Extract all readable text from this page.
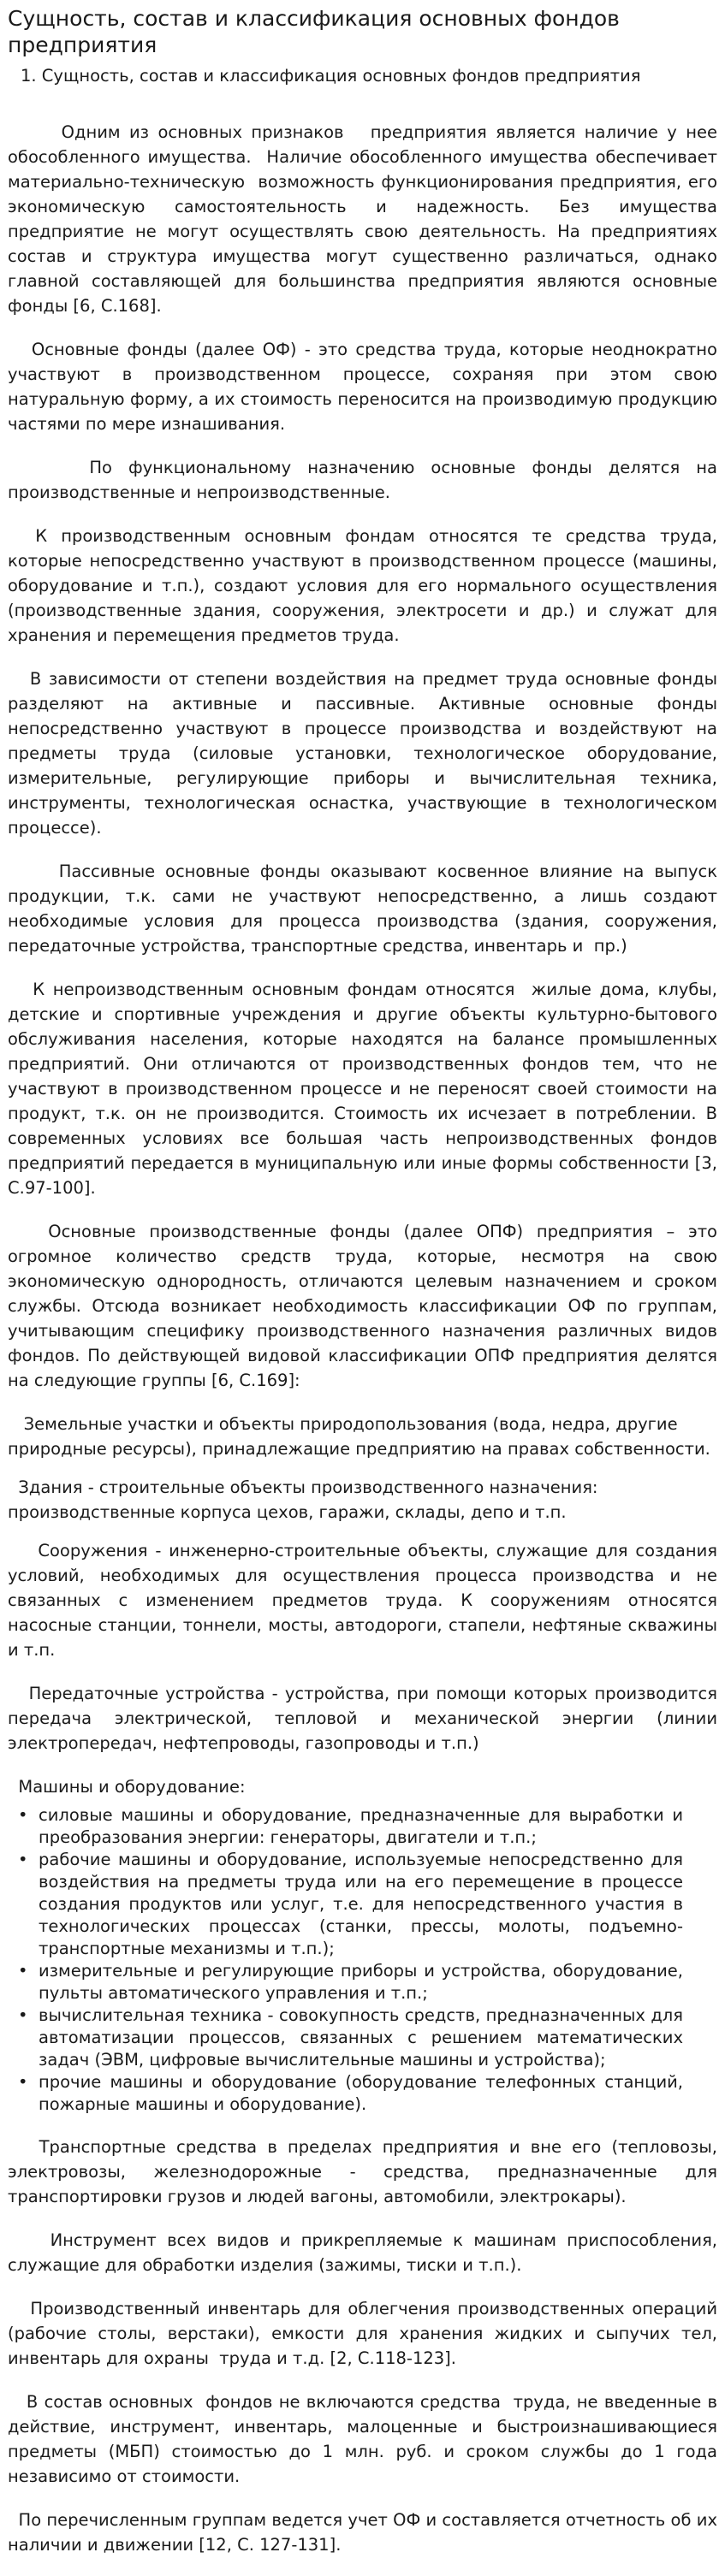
Сущность, состав и классификация основных фондов предприятия
1. Сущность, состав и классификация основных фондов предприятия

Одним из основных признаков   предприятия является наличие у нее обособленного имущества.  Наличие обособленного имущества обеспечивает материально-техническую  возможность функционирования предприятия, его экономическую самостоятельность и надежность. Без имущества предприятие не могут осуществлять свою деятельность. На предприятиях состав и структура имущества могут существенно различаться, однако главной составляющей для большинства предприятия являются основные фонды [6, С.168].

Основные фонды (далее ОФ) - это средства труда, которые неоднократно участвуют в производственном процессе, сохраняя при этом свою натуральную форму, а их стоимость переносится на производимую продукцию частями по мере изнашивания.

По функциональному назначению основные фонды делятся на производственные и непроизводственные.

К производственным основным фондам относятся те средства труда, которые непосредственно участвуют в производственном процессе (машины, оборудование и т.п.), создают условия для его нормального осуществления (производственные здания, сооружения, электросети и др.) и служат для хранения и перемещения предметов труда.

В зависимости от степени воздействия на предмет труда основные фонды разделяют на активные и пассивные. Активные основные фонды непосредственно участвуют в процессе производства и воздействуют на предметы труда (силовые установки, технологическое оборудование, измерительные, регулирующие приборы и вычислительная техника, инструменты, технологическая оснастка, участвующие в технологическом процессе).

Пассивные основные фонды оказывают косвенное влияние на выпуск продукции, т.к. сами не участвуют непосредственно, а лишь создают необходимые условия для процесса производства (здания, сооружения, передаточные устройства, транспортные средства, инвентарь и  пр.)

К непроизводственным основным фондам относятся  жилые дома, клубы, детские и спортивные учреждения и другие объекты культурно-бытового обслуживания населения, которые находятся на балансе промышленных предприятий. Они отличаются от производственных фондов тем, что не участвуют в производственном процессе и не переносят своей стоимости на продукт, т.к. он не производится. Стоимость их исчезает в потреблении. В современных условиях все большая часть непроизводственных фондов предприятий передается в муниципальную или иные формы собственности [3, С.97-100].

Основные производственные фонды (далее ОПФ) предприятия – это огромное количество средств труда, которые, несмотря на свою экономическую однородность, отличаются целевым назначением и сроком службы. Отсюда возникает необходимость классификации ОФ по группам, учитывающим специфику производственного назначения различных видов фондов. По действующей видовой классификации ОПФ предприятия делятся на следующие группы [6, С.169]:

Земельные участки и объекты природопользования (вода, недра, другие природные ресурсы), принадлежащие предприятию на правах собственности.

Здания - строительные объекты производственного назначения: производственные корпуса цехов, гаражи, склады, депо и т.п.

Сооружения - инженерно-строительные объекты, служащие для создания условий, необходимых для осуществления процесса производства и не связанных с изменением предметов труда. К сооружениям относятся насосные станции, тоннели, мосты, автодороги, стапели, нефтяные скважины и т.п.

Передаточные устройства - устройства, при помощи которых производится передача электрической, тепловой и механической энергии (линии электропередач, нефтепроводы, газопроводы и т.п.)

Машины и оборудование:

• силовые машины и оборудование, предназначенные для выработки и преобразования энергии: генераторы, двигатели и т.п.;
• рабочие машины и оборудование, используемые непосредственно для воздействия на предметы труда или на его перемещение в процессе создания продуктов или услуг, т.е. для непосредственного участия в технологических процессах (станки, прессы, молоты, подъемно-транспортные механизмы и т.п.);
• измерительные и регулирующие приборы и устройства, оборудование, пульты автоматического управления и т.п.;
• вычислительная техника - совокупность средств, предназначенных для автоматизации процессов, связанных с решением математических задач (ЭВМ, цифровые вычислительные машины и устройства);
• прочие машины и оборудование (оборудование телефонных станций, пожарные машины и оборудование).

Транспортные средства в пределах предприятия и вне его (тепловозы, электровозы, железнодорожные - средства, предназначенные для транспортировки грузов и людей вагоны, автомобили, электрокары).

Инструмент всех видов и прикрепляемые к машинам приспособления, служащие для обработки изделия (зажимы, тиски и т.п.).

Производственный инвентарь для облегчения производственных операций (рабочие столы, верстаки), емкости для хранения жидких и сыпучих тел, инвентарь для охраны  труда и т.д. [2, С.118-123].

В состав основных  фондов не включаются средства  труда, не введенные в действие, инструмент, инвентарь, малоценные и быстроизнашивающиеся предметы (МБП) стоимостью до 1 млн. руб. и сроком службы до 1 года независимо от стоимости.

По перечисленным группам ведется учет ОФ и составляется отчетность об их наличии и движении [12, С. 127-131].
